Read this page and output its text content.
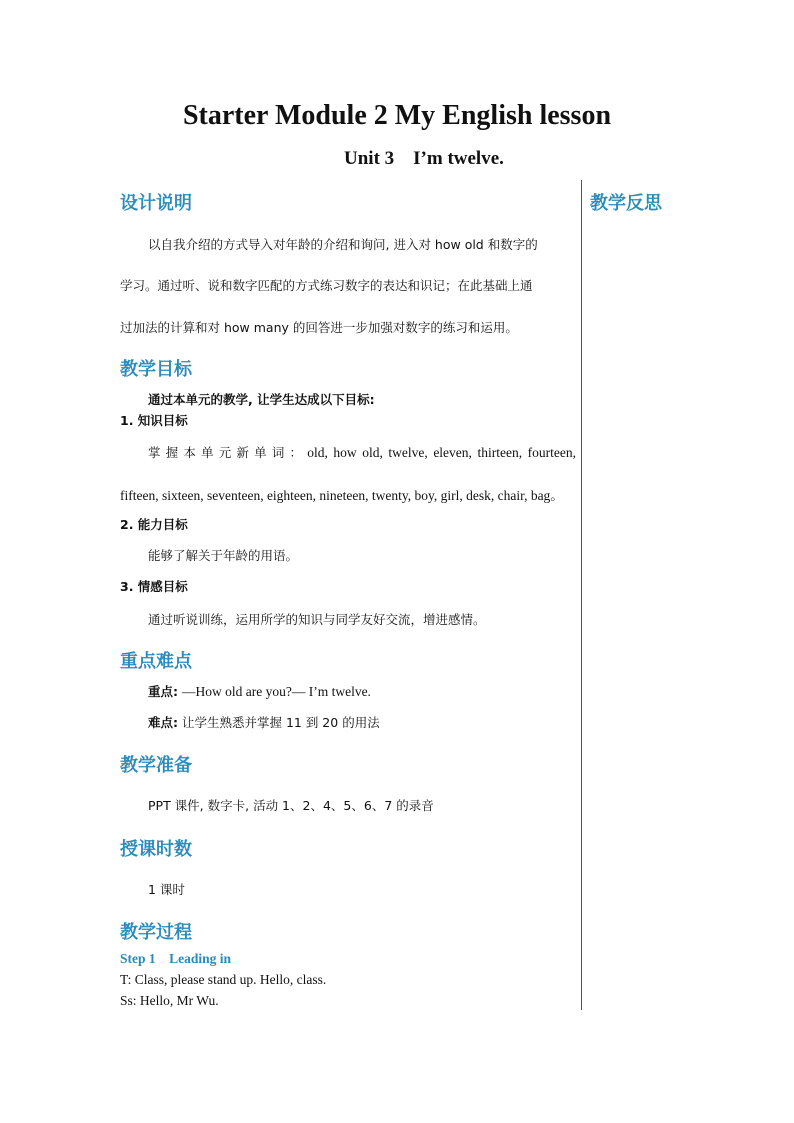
Starter Module 2 My English lesson
Unit 3    I’m twelve.
教学反思
设计说明

以自我介绍的方式导入对年龄的介绍和询问, 进入对 how old 和数字的

学习。通过听、说和数字匹配的方式练习数字的表达和识记；在此基础上通

过加法的计算和对 how many 的回答进一步加强对数字的练习和运用。

教学目标

通过本单元的教学, 让学生达成以下目标:

1. 知识目标

掌握本单元新单词：old, how old, twelve, eleven, thirteen, fourteen,

fifteen, sixteen, seventeen, eighteen, nineteen, twenty, boy, girl, desk, chair, bag。

2. 能力目标

能够了解关于年龄的用语。

3. 情感目标

通过听说训练，运用所学的知识与同学友好交流，增进感情。

重点难点

重点: —How old are you?— I’m twelve.

难点: 让学生熟悉并掌握 11 到 20 的用法

教学准备

PPT 课件, 数字卡, 活动 1、2、4、5、6、7 的录音

授课时数

1 课时

教学过程

Step 1    Leading in

T: Class, please stand up. Hello, class.

Ss: Hello, Mr Wu.
